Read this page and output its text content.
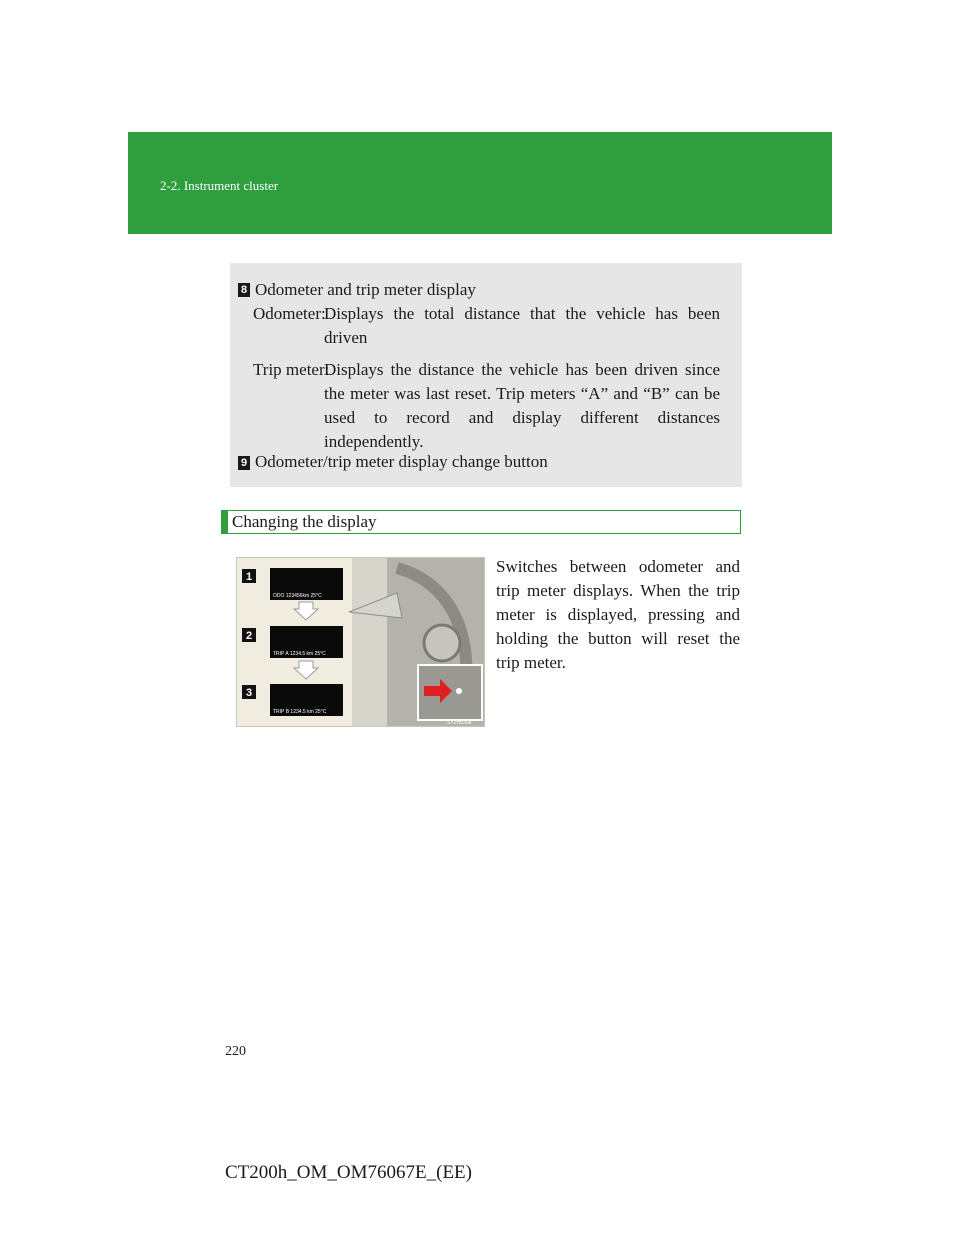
2-2. Instrument cluster
8 Odometer and trip meter display
Odometer:
Displays the total distance that the vehicle has been driven
Trip meter:
Displays the distance the vehicle has been driven since the meter was last reset. Trip meters “A” and “B” can be used to record and display different distances independently.
9 Odometer/trip meter display change button
Changing the display
1
ODO 123456km 25°C
2
TRIP A 1234.5 km 25°C
3
TRIP B 1234.5 km 25°C
SYZH030a
Switches between odometer and trip meter displays. When the trip meter is displayed, pressing and holding the button will reset the trip meter.
220
CT200h_OM_OM76067E_(EE)
